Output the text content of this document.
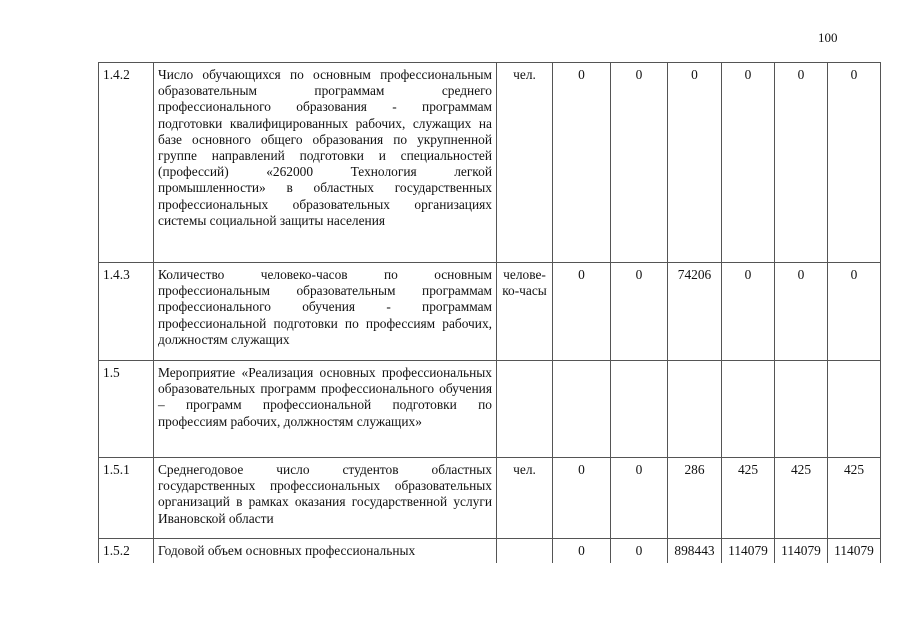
100
1.4.2	Число обучающихся по основным профессиональным образовательным программам среднего профессионального образования - программам подготовки квалифицированных рабочих, служащих на базе основного общего образования по укрупненной группе направлений подготовки и специальностей (профессий) «262000 Технология легкой промышленности» в областных государственных профессиональных образовательных организациях системы социальной защиты населения	чел.	0	0	0	0	0	0
1.4.3	Количество человеко-часов по основным профессиональным образовательным программам профессионального обучения - программам профессиональной подготовки по профессиям рабочих, должностям служащих	челове-ко-часы	0	0	74206	0	0	0
1.5	Мероприятие «Реализация основных профессиональных образовательных программ профессионального обучения – программ профессиональной подготовки по профессиям рабочих, должностям служащих»							
1.5.1	Среднегодовое число студентов областных государственных профессиональных образовательных организаций в рамках оказания государственной услуги Ивановской области	чел.	0	0	286	425	425	425
1.5.2	Годовой объем основных профессиональных		0	0	898443	114079	114079	114079
